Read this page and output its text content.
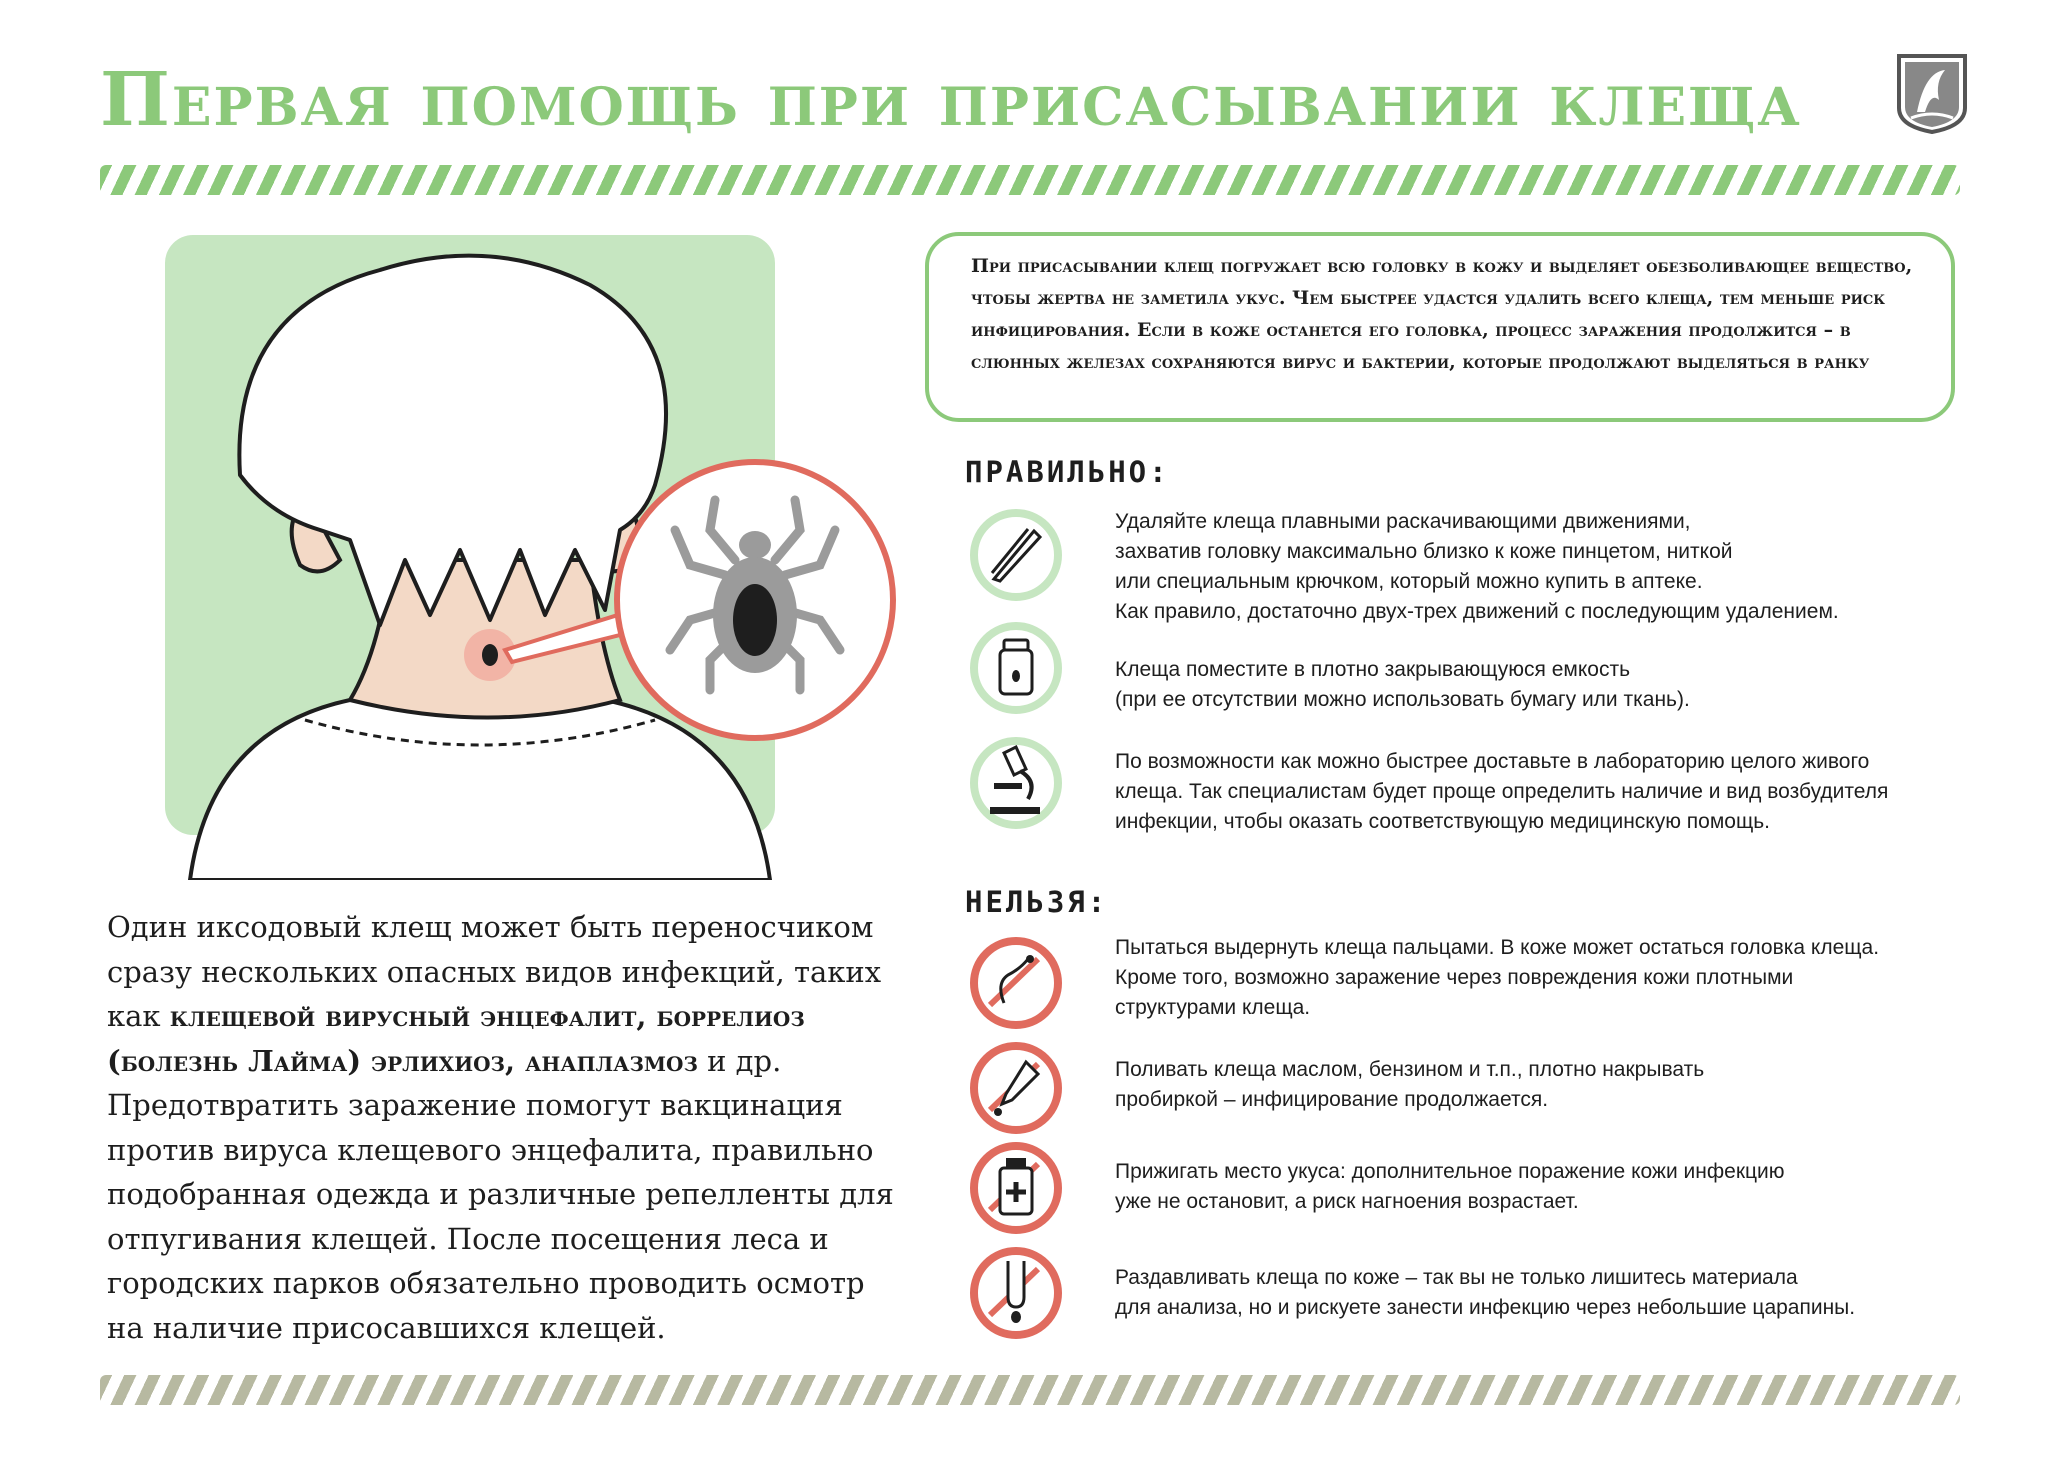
Первая помощь при присасывании клеща
При присасывании клещ погружает всю головку в кожу и выделяет обезболивающее вещество, чтобы жертва не заметила укус. Чем быстрее удастся удалить всего клеща, тем меньше риск инфицирования. Если в коже останется его головка, процесс заражения продолжится – в слюнных железах сохраняются вирус и бактерии, которые продолжают выделяться в ранку
ПРАВИЛЬНО:
Удаляйте клеща плавными раскачивающими движениями,
захватив головку максимально близко к коже пинцетом, ниткой
или специальным крючком, который можно купить в аптеке.
Как правило, достаточно двух-трех движений с последующим удалением.
Клеща поместите в плотно закрывающуюся емкость
(при ее отсутствии можно использовать бумагу или ткань).
По возможности как можно быстрее доставьте в лабораторию целого живого
клеща. Так специалистам будет проще определить наличие и вид возбудителя
инфекции, чтобы оказать соответствующую медицинскую помощь.
НЕЛЬЗЯ:
Пытаться выдернуть клеща пальцами. В коже может остаться головка клеща.
Кроме того, возможно заражение через повреждения кожи плотными
структурами клеща.
Поливать клеща маслом, бензином и т.п., плотно накрывать
пробиркой – инфицирование продолжается.
Прижигать место укуса: дополнительное поражение кожи инфекцию
уже не остановит, а риск нагноения возрастает.
Раздавливать клеща по коже – так вы не только лишитесь материала
для анализа, но и рискуете занести инфекцию через небольшие царапины.
Один иксодовый клещ может быть переносчиком сразу нескольких опасных видов инфекций, таких как клещевой вирусный энцефалит, боррелиоз (болезнь Лайма) эрлихиоз, анаплазмоз и др. Предотвратить заражение помогут вакцинация против вируса клещевого энцефалита, правильно подобранная одежда и различные репелленты для отпугивания клещей. После посещения леса и городских парков обязательно проводить осмотр на наличие присосавшихся клещей.
